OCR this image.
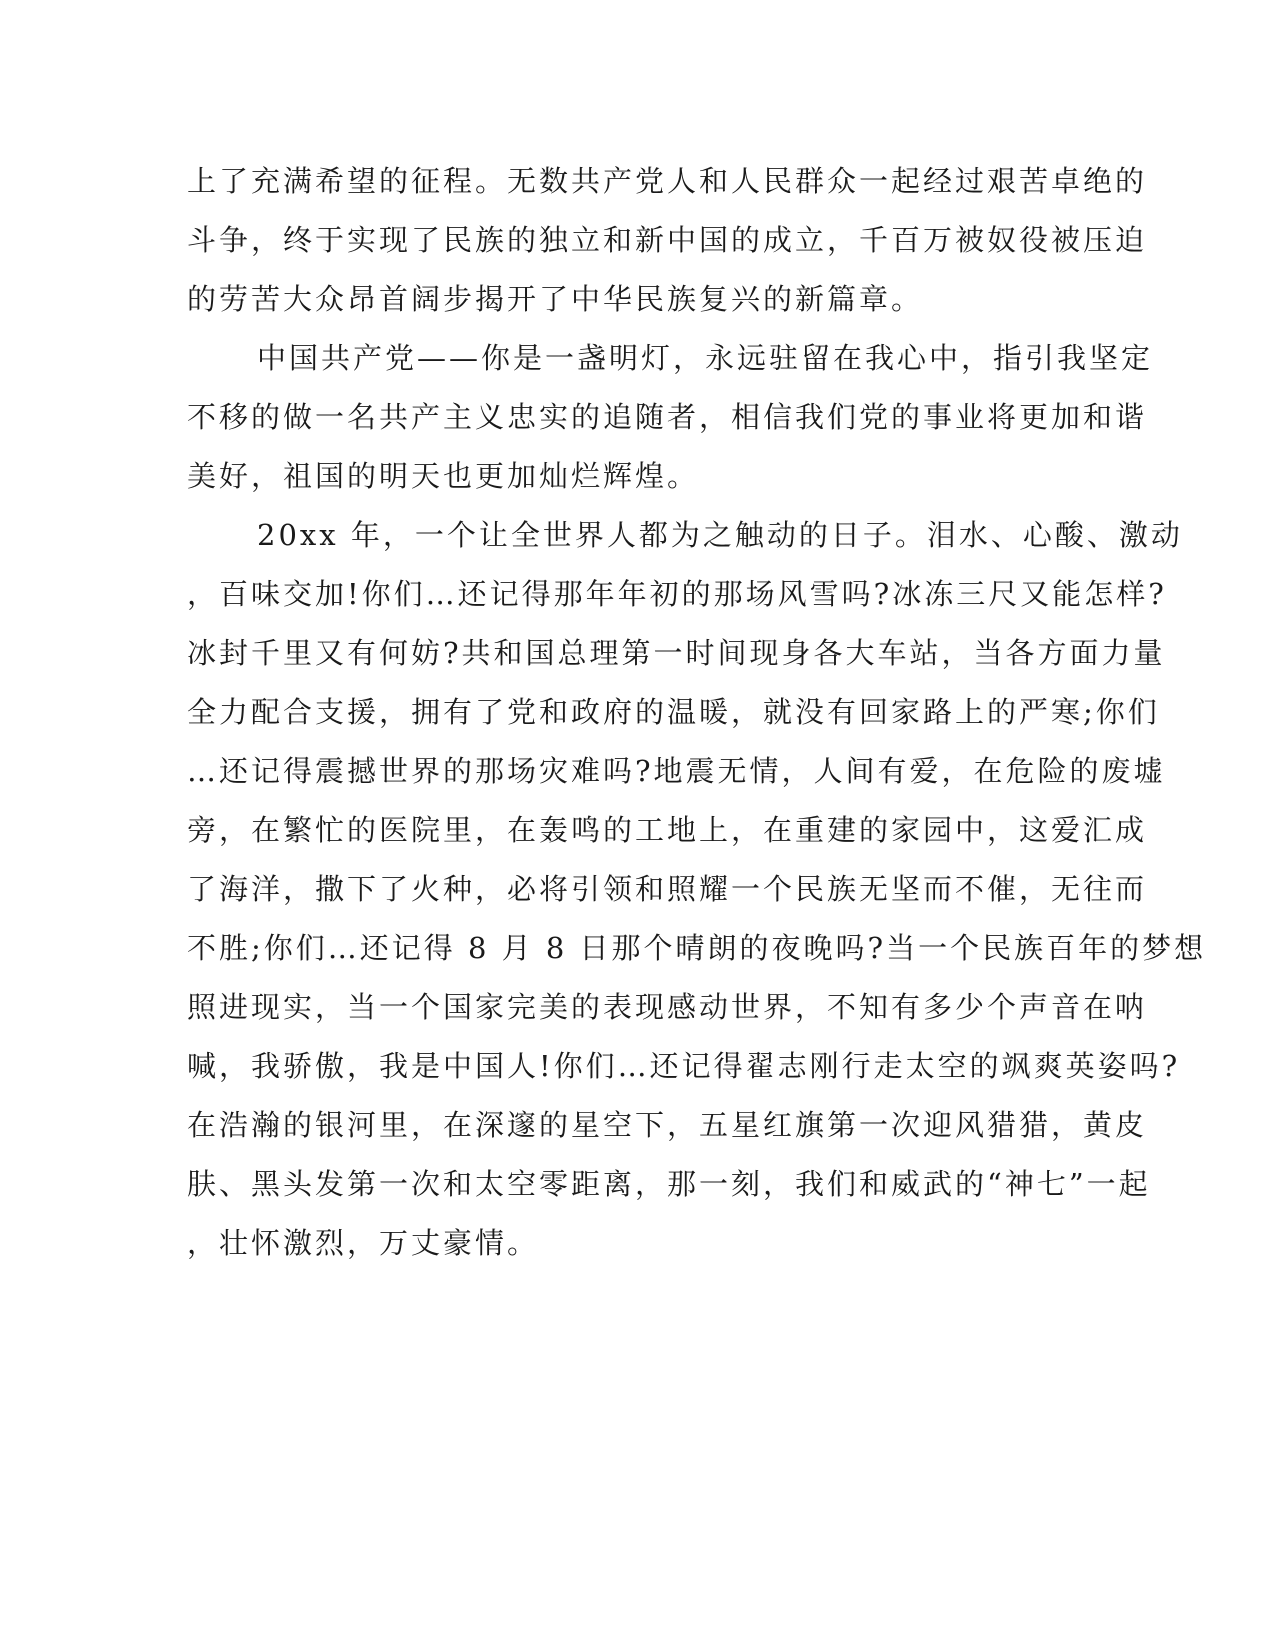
上了充满希望的征程。无数共产党人和人民群众一起经过艰苦卓绝的
斗争，终于实现了民族的独立和新中国的成立，千百万被奴役被压迫
的劳苦大众昂首阔步揭开了中华民族复兴的新篇章。
中国共产党——你是一盏明灯，永远驻留在我心中，指引我坚定
不移的做一名共产主义忠实的追随者，相信我们党的事业将更加和谐
美好，祖国的明天也更加灿烂辉煌。
20xx 年，一个让全世界人都为之触动的日子。泪水、心酸、激动
，百味交加!你们…还记得那年年初的那场风雪吗?冰冻三尺又能怎样?
冰封千里又有何妨?共和国总理第一时间现身各大车站，当各方面力量
全力配合支援，拥有了党和政府的温暖，就没有回家路上的严寒;你们
…还记得震撼世界的那场灾难吗?地震无情，人间有爱，在危险的废墟
旁，在繁忙的医院里，在轰鸣的工地上，在重建的家园中，这爱汇成
了海洋，撒下了火种，必将引领和照耀一个民族无坚而不催，无往而
不胜;你们…还记得 8 月 8 日那个晴朗的夜晚吗?当一个民族百年的梦想
照进现实，当一个国家完美的表现感动世界，不知有多少个声音在呐
喊，我骄傲，我是中国人!你们…还记得翟志刚行走太空的飒爽英姿吗?
在浩瀚的银河里，在深邃的星空下，五星红旗第一次迎风猎猎，黄皮
肤、黑头发第一次和太空零距离，那一刻，我们和威武的“神七”一起
，壮怀激烈，万丈豪情。
